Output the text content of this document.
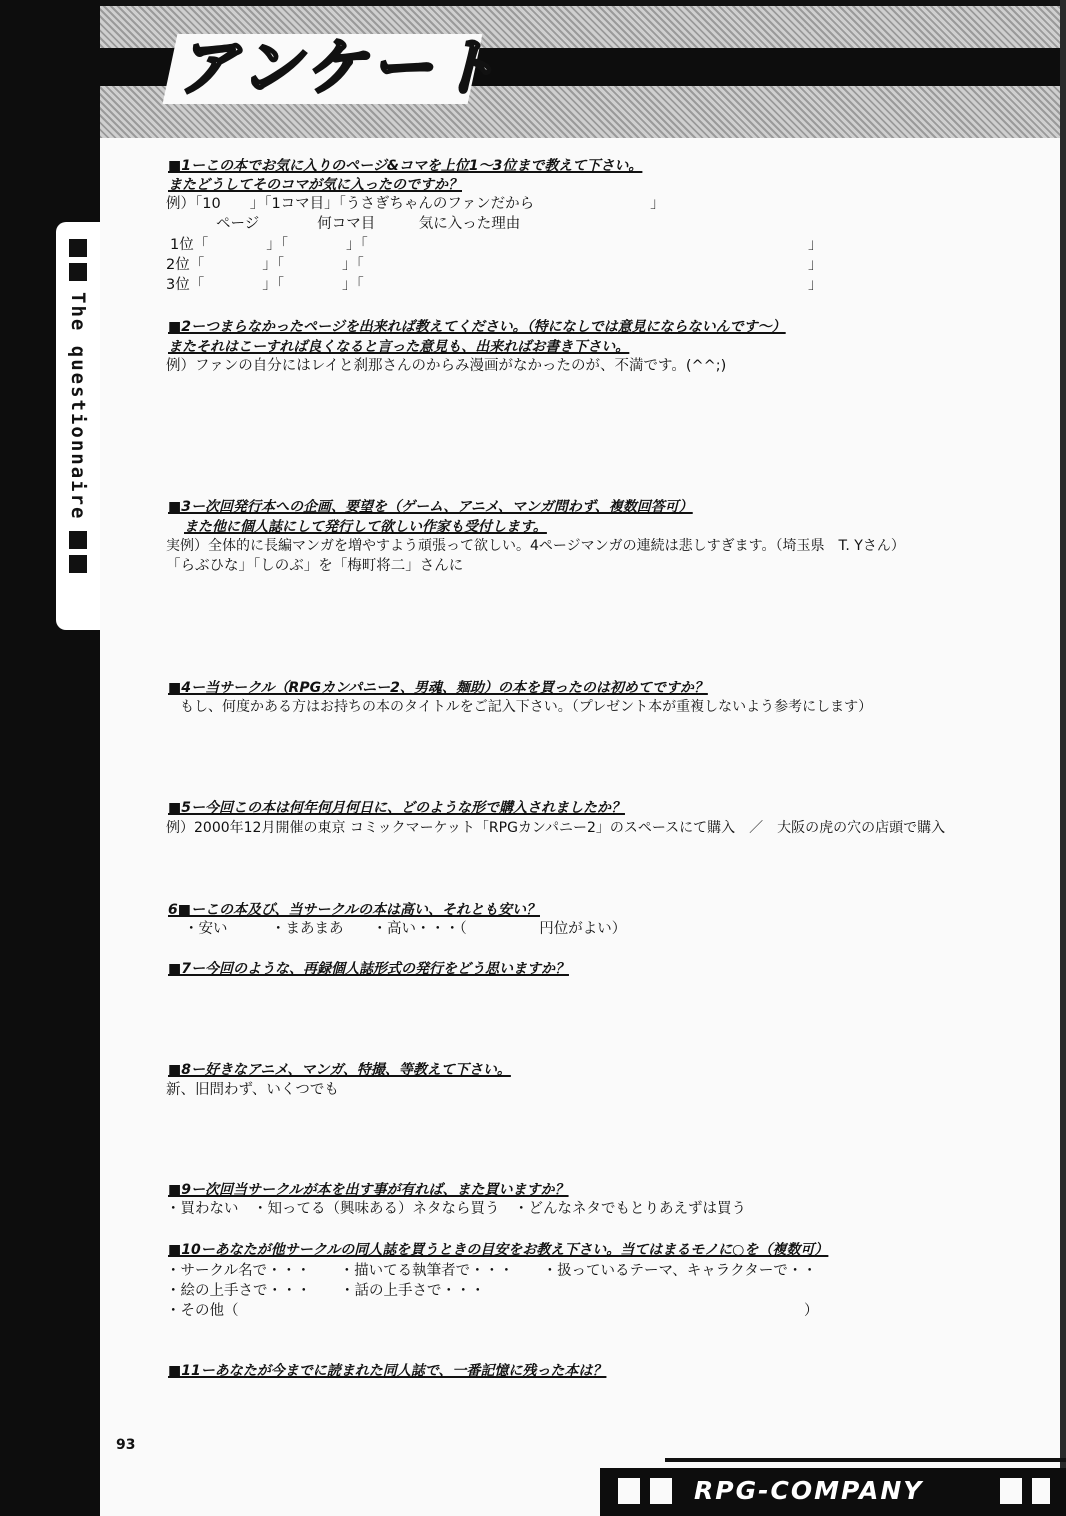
The questionnaire
アンケート
■1ーこの本でお気に入りのページ&コマを上位1〜3位まで教えて下さい。
またどうしてそのコマが気に入ったのですか？
例）「10　　」「1コマ目」「うさぎちゃんのファンだから　　　　　　　　」
ページ　　　　何コマ目　　　気に入った理由
1位「　　　　」「　　　　」「	」
2位「　　　　」「　　　　」「	」
3位「　　　　」「　　　　」「	」
■2ーつまらなかったページを出来れば教えてください。（特になしでは意見にならないんです〜）
またそれはこーすれば良くなると言った意見も、出来ればお書き下さい。
例）ファンの自分にはレイと刹那さんのからみ漫画がなかったのが、不満です。(^^;)
■3ー次回発行本への企画、要望を（ゲーム、アニメ、マンガ問わず、複数回答可）
また他に個人誌にして発行して欲しい作家も受付します。
実例）全体的に長編マンガを増やすよう頑張って欲しい。4ページマンガの連続は悲しすぎます。（埼玉県　T. Yさん）
「らぶひな」「しのぶ」を「梅町将二」さんに
■4ー当サークル（RPGカンパニー2、男魂、麺助）の本を買ったのは初めてですか？
もし、何度かある方はお持ちの本のタイトルをご記入下さい。（プレゼント本が重複しないよう参考にします）
■5ー今回この本は何年何月何日に、どのような形で購入されましたか？
例）2000年12月開催の東京 コミックマーケット「RPGカンパニー2」のスペースにて購入　／　大阪の虎の穴の店頭で購入
6■ーこの本及び、当サークルの本は高い、それとも安い？
・安い　　　・まあまあ　　・高い・・・（　　　　　円位がよい）
■7ー今回のような、再録個人誌形式の発行をどう思いますか？
■8ー好きなアニメ、マンガ、特撮、等教えて下さい。
新、旧問わず、いくつでも
■9ー次回当サークルが本を出す事が有れば、また買いますか？
・買わない　・知ってる（興味ある）ネタなら買う　・どんなネタでもとりあえずは買う
■10ーあなたが他サークルの同人誌を買うときの目安をお教え下さい。当てはまるモノに○を（複数可）
・サークル名で・・・　　・描いてる執筆者で・・・　　・扱っているテーマ、キャラクターで・・
・絵の上手さで・・・　　・話の上手さで・・・
・その他（	）
■11ーあなたが今までに読まれた同人誌で、一番記憶に残った本は？
93
RPG-COMPANY
